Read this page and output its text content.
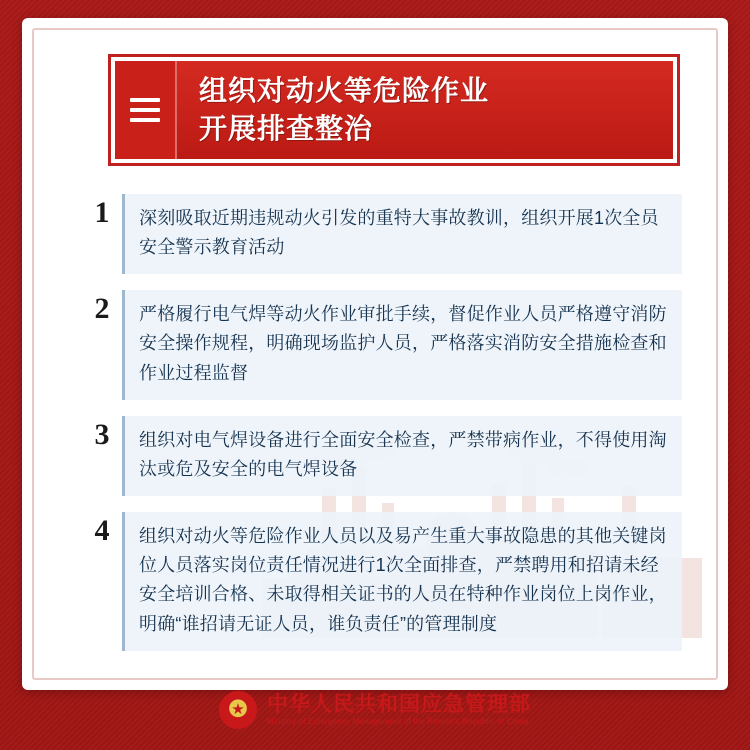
组织对动火等危险作业
开展排查整治
1	深刻吸取近期违规动火引发的重特大事故教训，组织开展1次全员安全警示教育活动
2	严格履行电气焊等动火作业审批手续，督促作业人员严格遵守消防安全操作规程，明确现场监护人员，严格落实消防安全措施检查和作业过程监督
3	组织对电气焊设备进行全面安全检查，严禁带病作业，不得使用淘汰或危及安全的电气焊设备
4	组织对动火等危险作业人员以及易产生重大事故隐患的其他关键岗位人员落实岗位责任情况进行1次全面排查，严禁聘用和招请未经安全培训合格、未取得相关证书的人员在特种作业岗位上岗作业，明确“谁招请无证人员，谁负责任”的管理制度
★
中华人民共和国应急管理部
Ministry of Emergency Management of the People's Republic of China
